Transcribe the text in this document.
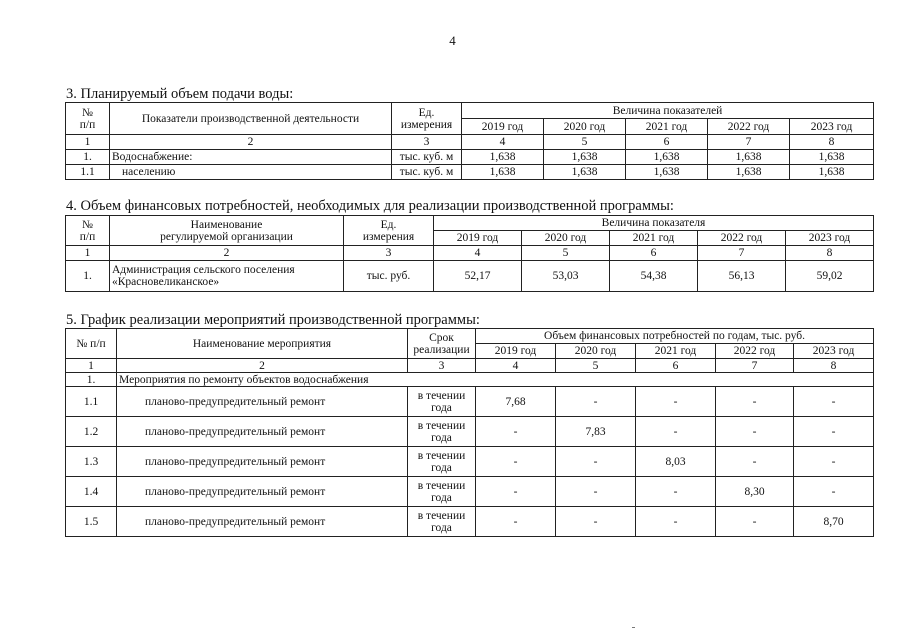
4
3. Планируемый объем подачи воды:
№
п/п	Показатели производственной деятельности	Ед.
измерения	Величина показателей				
			2019 год	2020 год	2021 год	2022 год	2023 год
1	2	3	4	5	6	7	8
1.	Водоснабжение:	тыс. куб. м	1,638	1,638	1,638	1,638	1,638
1.1	населению	тыс. куб. м	1,638	1,638	1,638	1,638	1,638
4. Объем финансовых потребностей, необходимых для реализации производственной программы:
№
п/п	Наименование
регулируемой организации	Ед.
измерения	Величина показателя				
			2019 год	2020 год	2021 год	2022 год	2023 год
1	2	3	4	5	6	7	8
1.	Администрация сельского поселения
«Красновеликанское»	тыс. руб.	52,17	53,03	54,38	56,13	59,02
5. График реализации мероприятий производственной программы:
№ п/п	Наименование мероприятия	Срок
реализации	Объем финансовых потребностей по годам, тыс. руб.				
			2019 год	2020 год	2021 год	2022 год	2023 год
1	2	3	4	5	6	7	8
1.	Мероприятия по ремонту объектов водоснабжения						
1.1	планово-предупредительный ремонт	в течении
года	7,68	-	-	-	-
1.2	планово-предупредительный ремонт	в течении
года	-	7,83	-	-	-
1.3	планово-предупредительный ремонт	в течении
года	-	-	8,03	-	-
1.4	планово-предупредительный ремонт	в течении
года	-	-	-	8,30	-
1.5	планово-предупредительный ремонт	в течении
года	-	-	-	-	8,70
